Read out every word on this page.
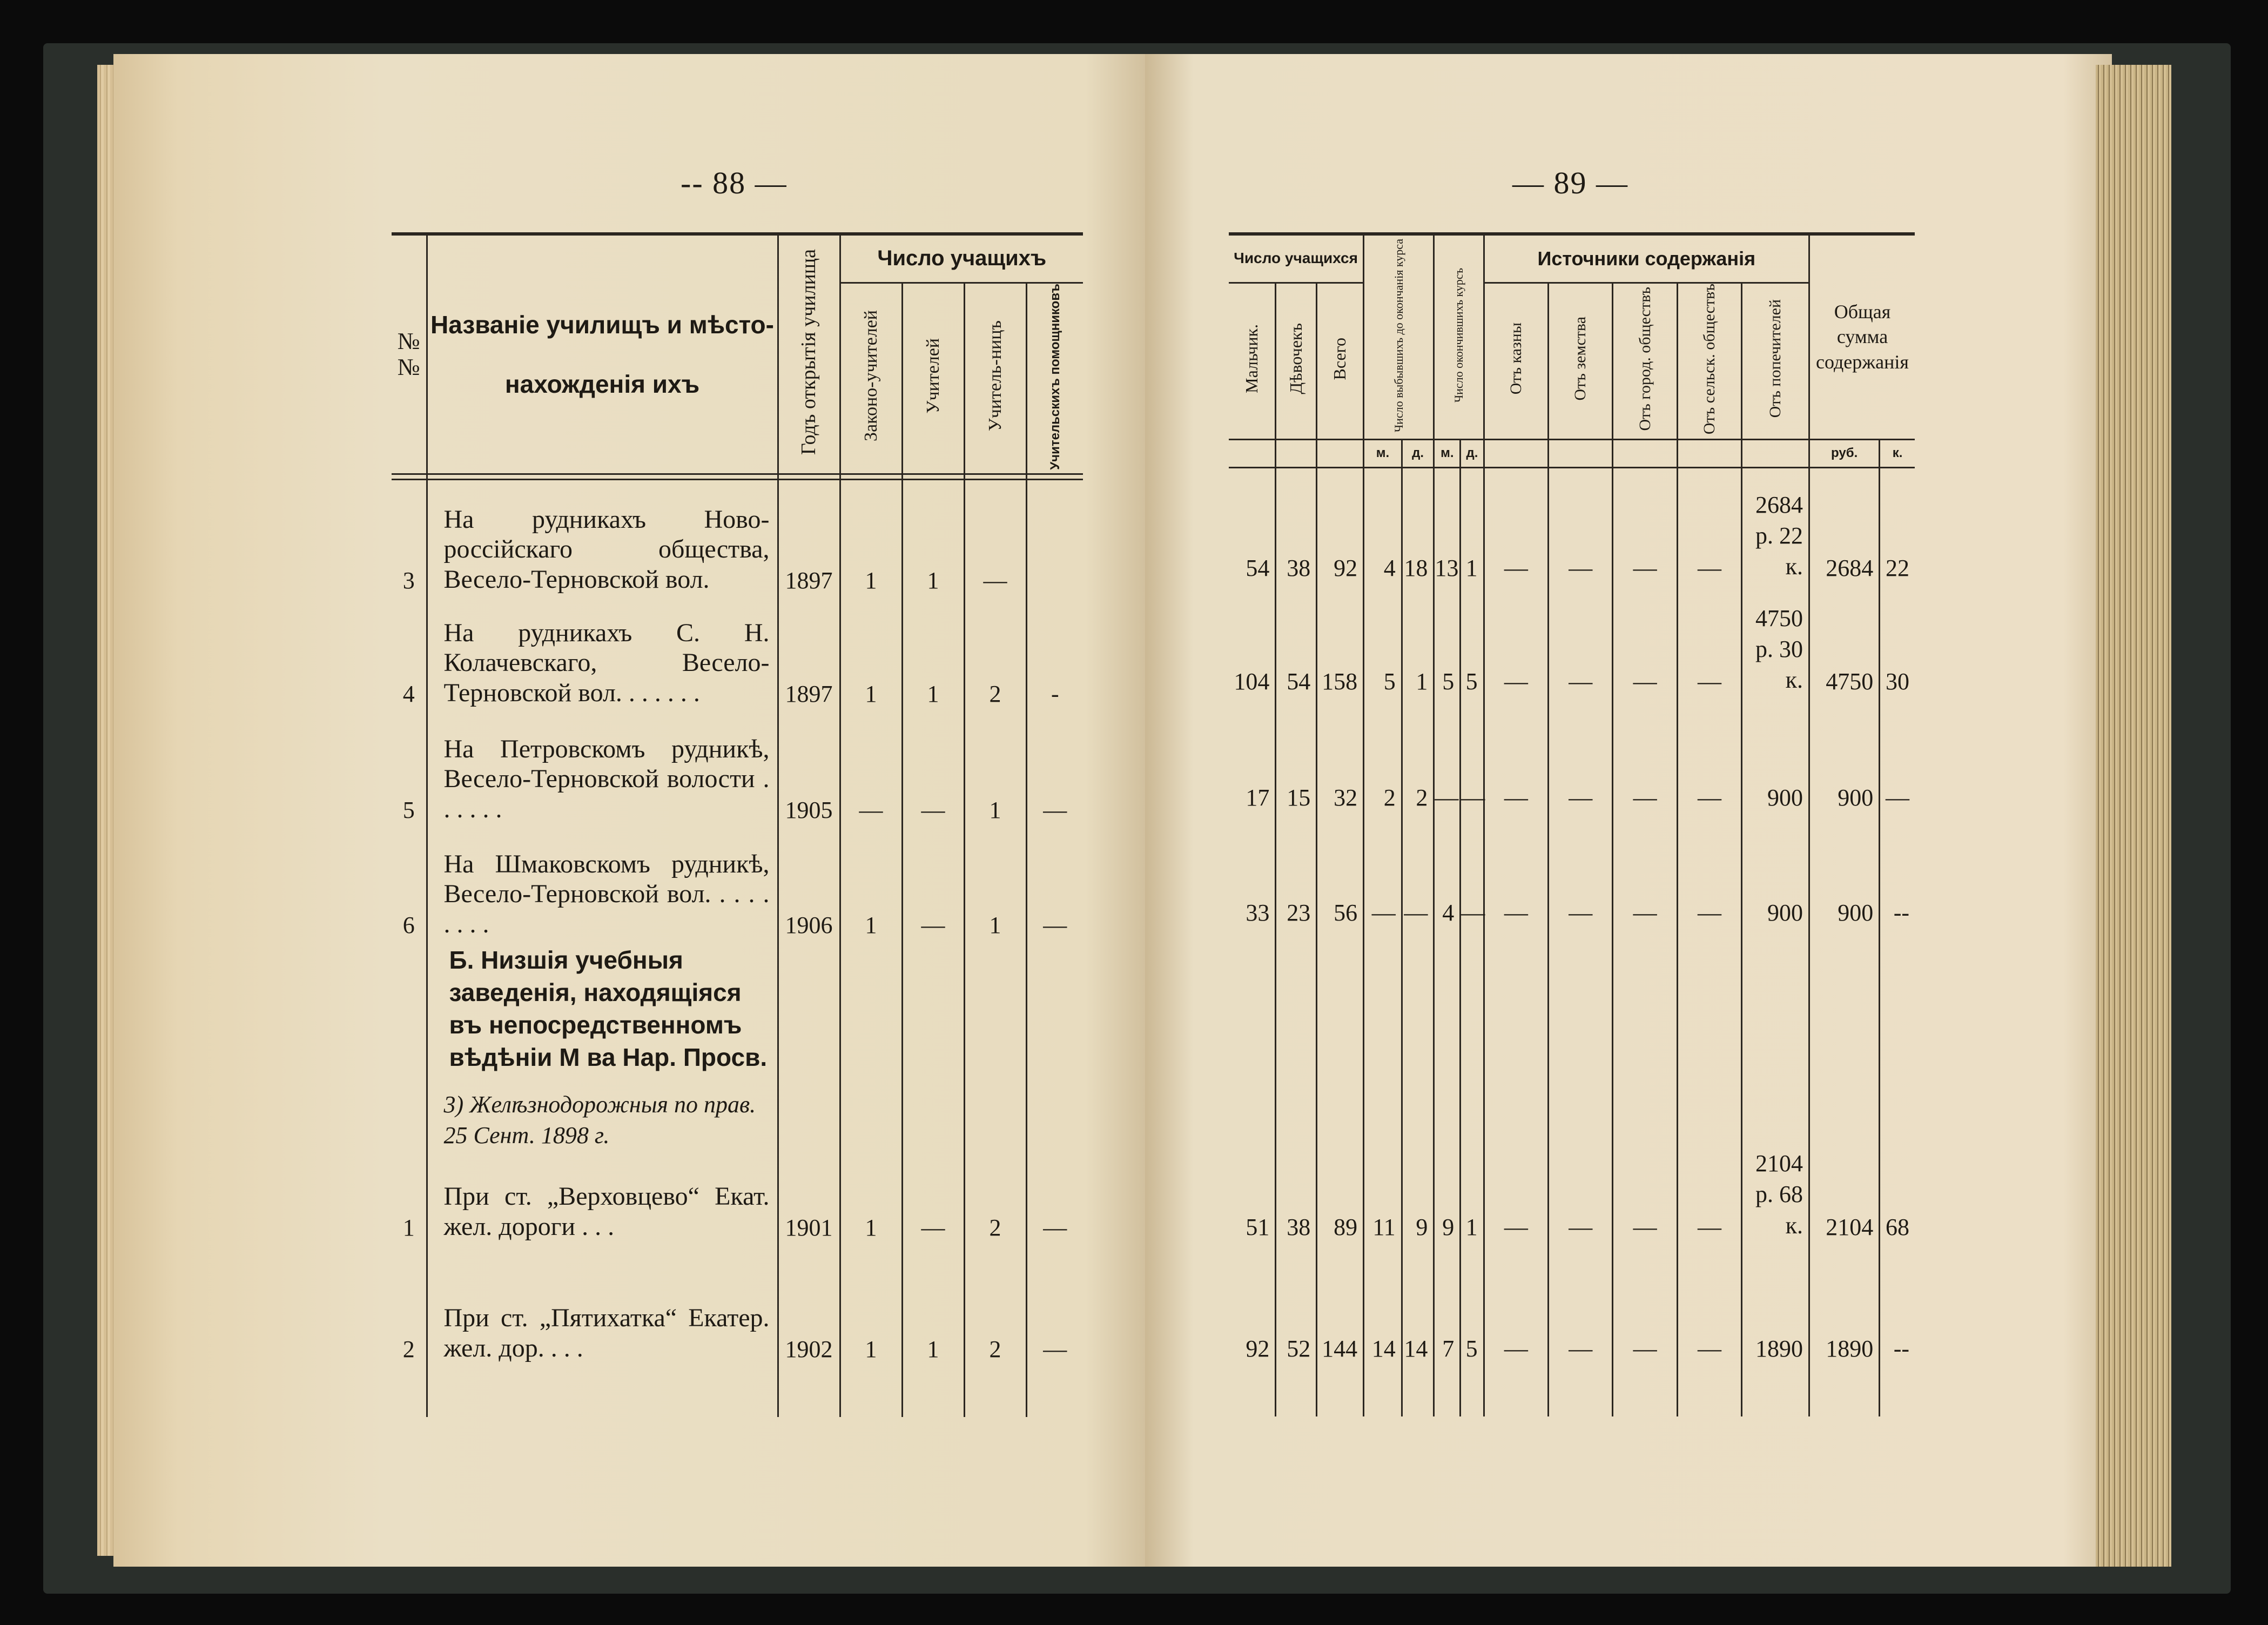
-- 88 —	— 89 —
№ №	Названіе училищъ и мѣсто-
нахожденія ихъ	Годъ открытія училища	Число учащихъ			
			Законо-учителей	Учителей	Учитель-ницъ	Учительскихъ помощниковъ

3	На рудникахъ Ново-россійскаго общества, Весело-Терновской вол.	1897	1	1	—	
4	На рудникахъ С. Н. Колачевскаго, Весело-Терновской вол. . . . . . .	1897	1	1	2	-
5	На Петровскомъ рудникѣ, Весело-Терновской волости . . . . . .	1905	—	—	1	—
6	На Шмаковскомъ рудникѣ, Весело-Терновской вол. . . . . . . . .	1906	1	—	1	—
	Б. Низшія учебныя заведенія, находящіяся въ непосредственномъ вѣдѣніи М ва Нар. Просв.					
	3) Желѣзнодорожныя по прав. 25 Сент. 1898 г.					
1	При ст. „Верховцево“ Екат. жел. дороги . . .	1901	1	—	2	—
2	При ст. „Пятихатка“ Екатер. жел. дор. . . .	1902	1	1	2	—

Число учащихся			Число выбывшихъ до окончанія курса		Число окончившихъ курсъ		Источники содержанія					Общая сумма содержанія	
Мальчик.	Дѣвочекъ	Всего					Отъ казны	Отъ земства	Отъ город. обществъ	Отъ сельск. обществъ	Отъ попечителей		
			м.	д.	м.	д.						руб.	к.
54	38	92	4	18	13	1	—	—	—	—	2684 р. 22 к.	2684	22
104	54	158	5	1	5	5	—	—	—	—	4750 р. 30 к.	4750	30
17	15	32	2	2	—	—	—	—	—	—	900	900	—
33	23	56	—	—	4	—	—	—	—	—	900	900	--

51	38	89	11	9	9	1	—	—	—	—	2104 р. 68 к.	2104	68
92	52	144	14	14	7	5	—	—	—	—	1890	1890	--
